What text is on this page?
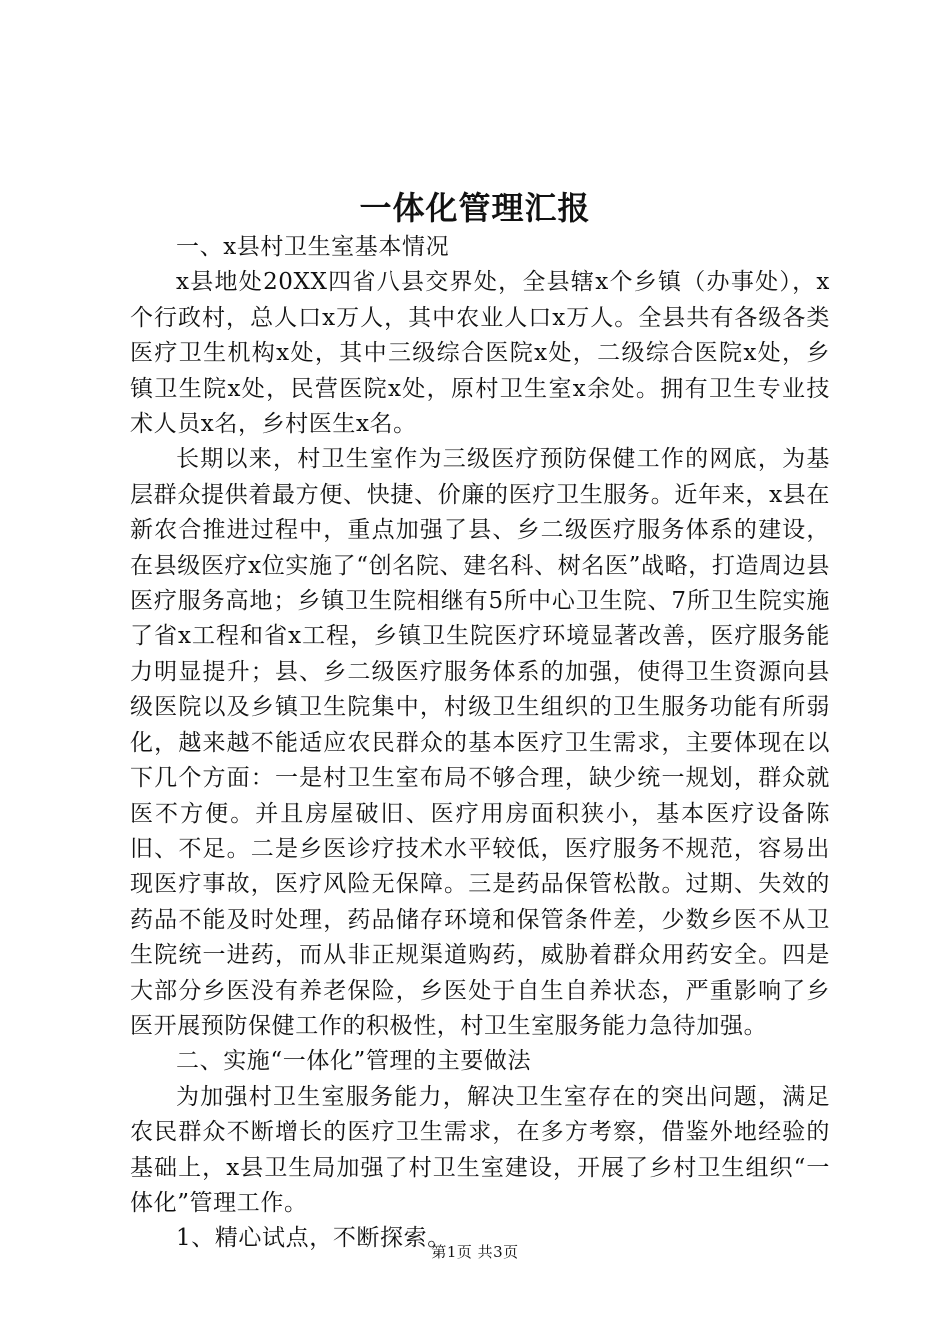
一体化管理汇报

一、x县村卫生室基本情况

x县地处20XX四省八县交界处，全县辖x个乡镇（办事处），x个行政村，总人口x万人，其中农业人口x万人。全县共有各级各类医疗卫生机构x处，其中三级综合医院x处，二级综合医院x处，乡镇卫生院x处，民营医院x处，原村卫生室x余处。拥有卫生专业技术人员x名，乡村医生x名。

长期以来，村卫生室作为三级医疗预防保健工作的网底，为基层群众提供着最方便、快捷、价廉的医疗卫生服务。近年来，x县在新农合推进过程中，重点加强了县、乡二级医疗服务体系的建设，在县级医疗x位实施了“创名院、建名科、树名医”战略，打造周边县医疗服务高地；乡镇卫生院相继有5所中心卫生院、7所卫生院实施了省x工程和省x工程，乡镇卫生院医疗环境显著改善，医疗服务能力明显提升；县、乡二级医疗服务体系的加强，使得卫生资源向县级医院以及乡镇卫生院集中，村级卫生组织的卫生服务功能有所弱化，越来越不能适应农民群众的基本医疗卫生需求，主要体现在以下几个方面：一是村卫生室布局不够合理，缺少统一规划，群众就医不方便。并且房屋破旧、医疗用房面积狭小，基本医疗设备陈旧、不足。二是乡医诊疗技术水平较低，医疗服务不规范，容易出现医疗事故，医疗风险无保障。三是药品保管松散。过期、失效的药品不能及时处理，药品储存环境和保管条件差，少数乡医不从卫生院统一进药，而从非正规渠道购药，威胁着群众用药安全。四是大部分乡医没有养老保险，乡医处于自生自养状态，严重影响了乡医开展预防保健工作的积极性，村卫生室服务能力急待加强。

二、实施“一体化”管理的主要做法

为加强村卫生室服务能力，解决卫生室存在的突出问题，满足农民群众不断增长的医疗卫生需求，在多方考察，借鉴外地经验的基础上，x县卫生局加强了村卫生室建设，开展了乡村卫生组织“一体化”管理工作。

1、精心试点，不断探索。

第1页 共3页
